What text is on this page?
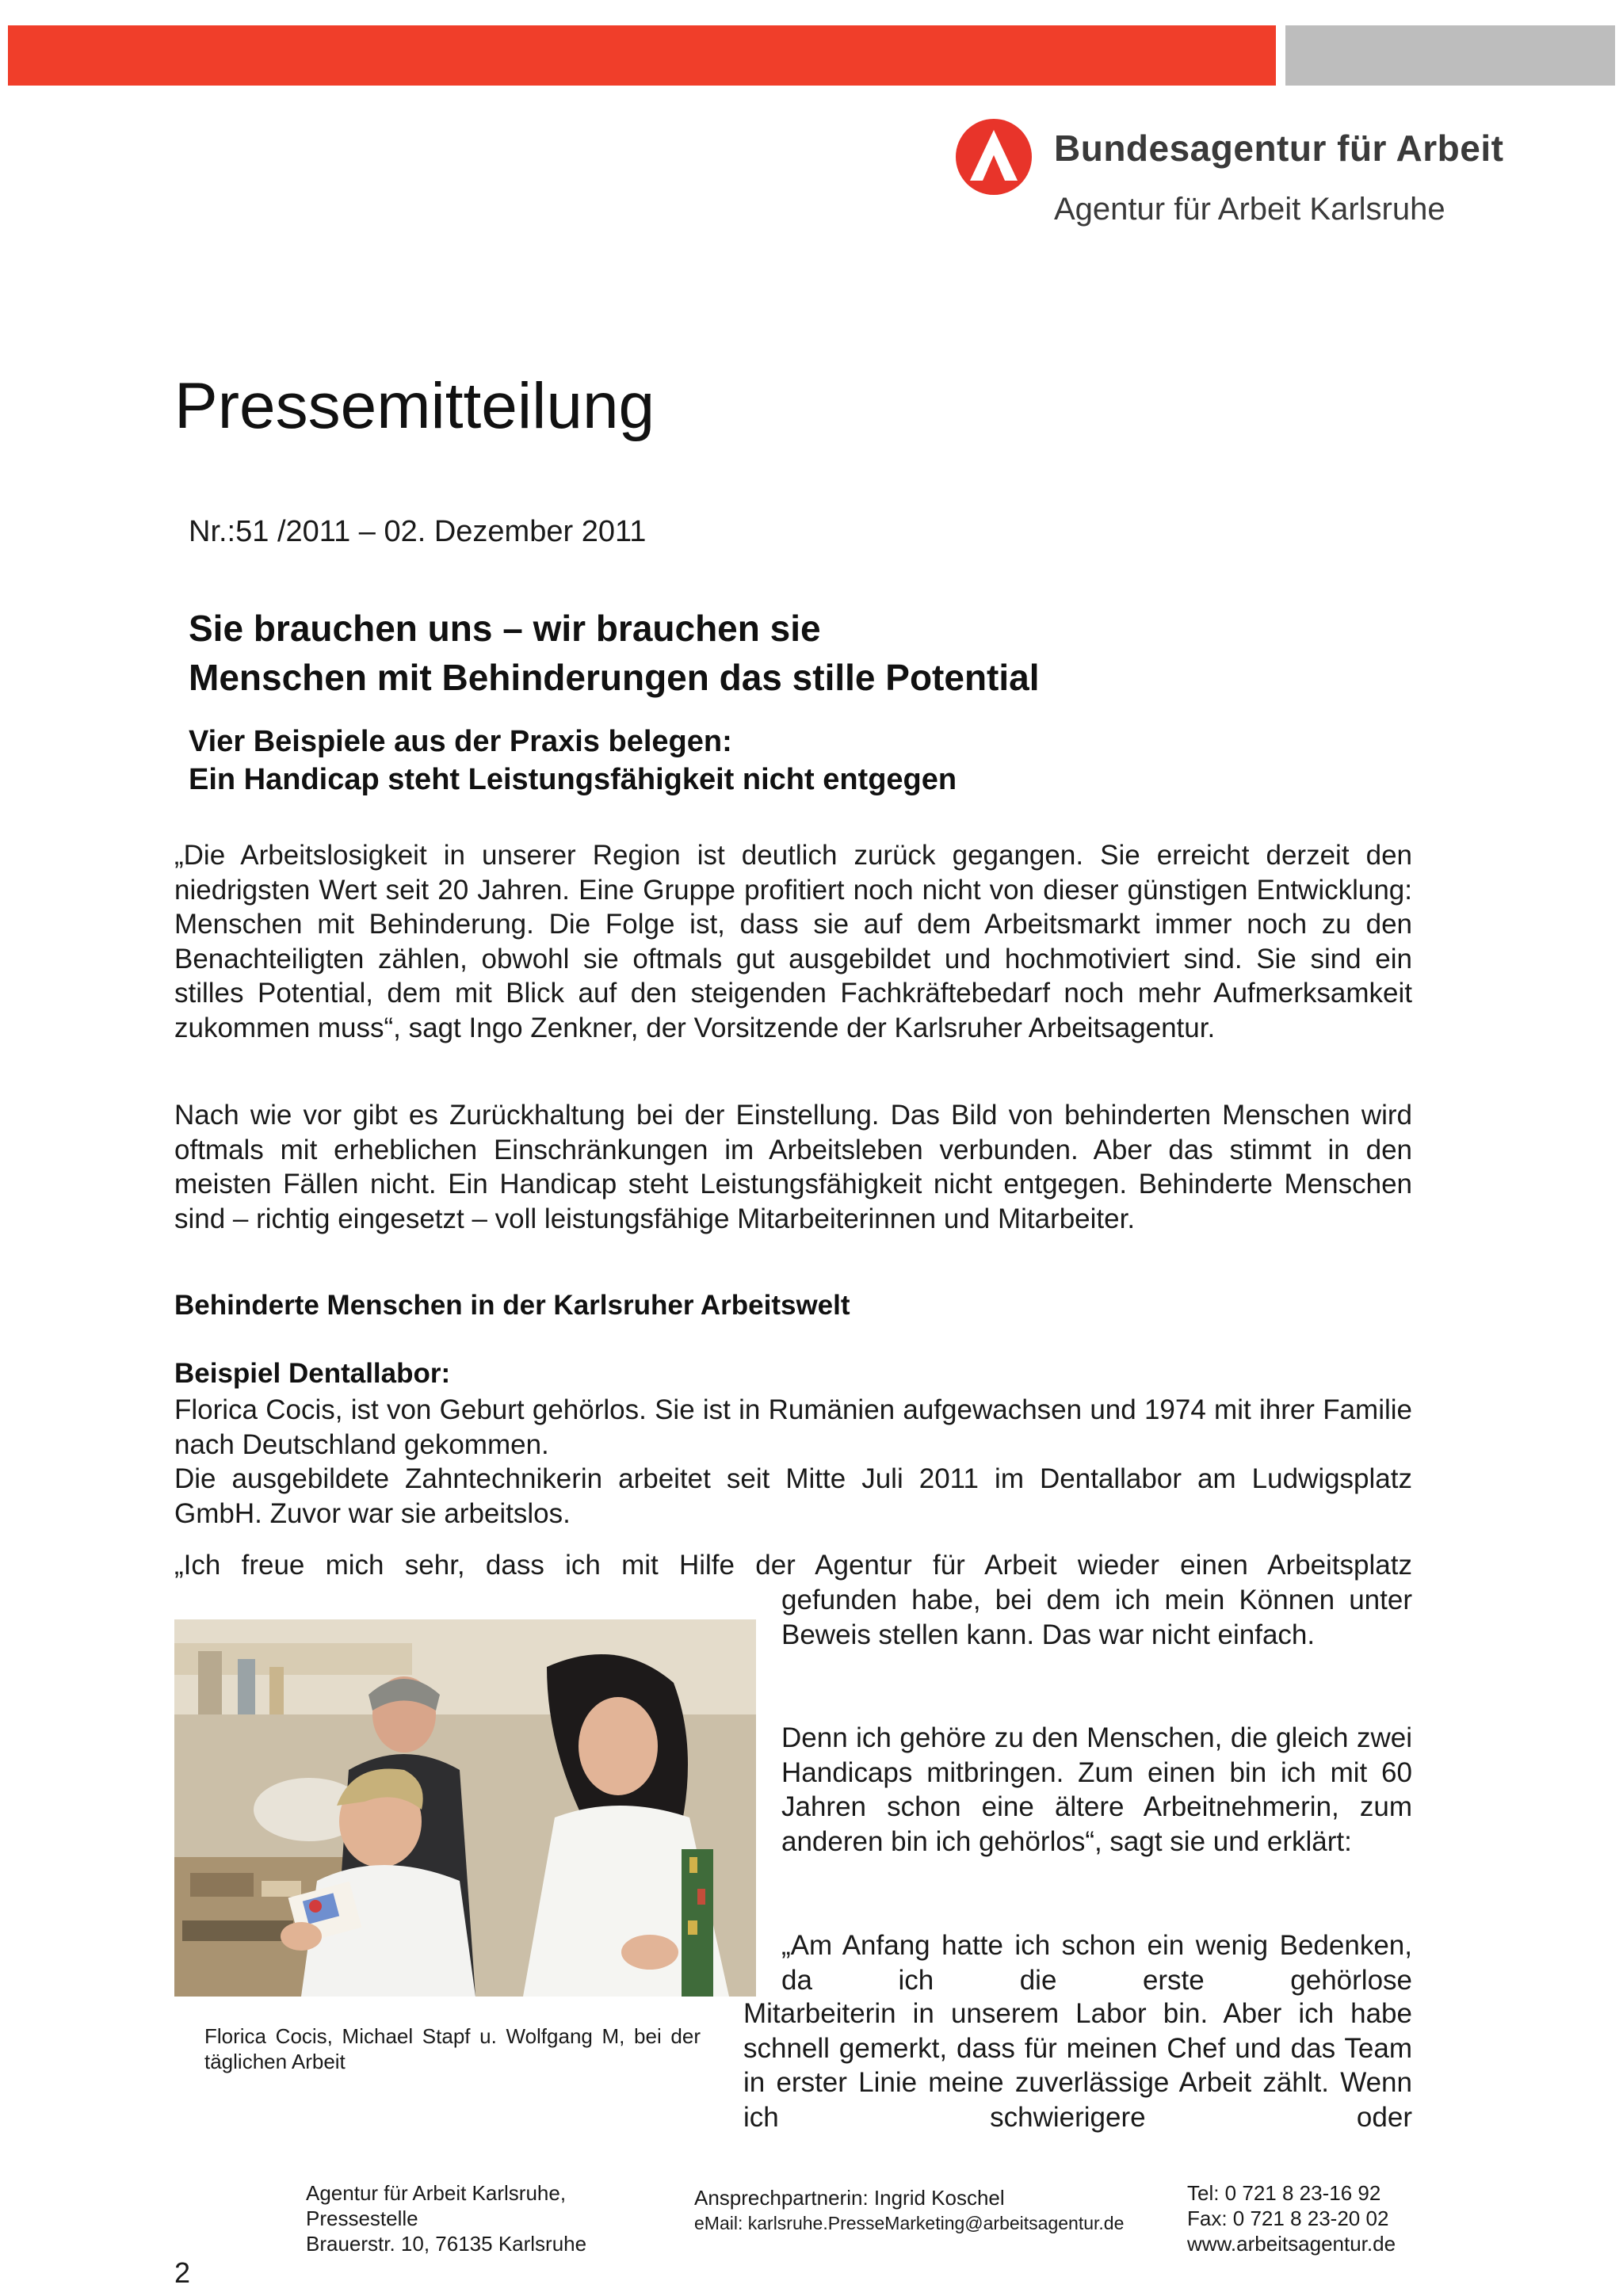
Bundesagentur für Arbeit
Agentur für Arbeit Karlsruhe
Pressemitteilung
Nr.:51 /2011 – 02. Dezember 2011
Sie brauchen uns – wir brauchen sie
Menschen mit Behinderungen das stille Potential
Vier Beispiele aus der Praxis belegen:
Ein Handicap steht Leistungsfähigkeit nicht entgegen

„Die Arbeitslosigkeit in unserer Region ist deutlich zurück gegangen. Sie erreicht derzeit den niedrigsten Wert seit 20 Jahren. Eine Gruppe profitiert noch nicht von dieser günstigen Entwicklung: Menschen mit Behinderung. Die Folge ist, dass sie auf dem Arbeitsmarkt immer noch zu den Benachteiligten zählen, obwohl sie oftmals gut ausgebildet und hochmotiviert sind. Sie sind ein stilles Potential, dem mit Blick auf den steigenden Fachkräftebedarf noch mehr Aufmerksamkeit zukommen muss“, sagt Ingo Zenkner, der Vorsitzende der Karlsruher Arbeitsagentur.

Nach wie vor gibt es Zurückhaltung bei der Einstellung. Das Bild von behinderten Menschen wird oftmals mit erheblichen Einschränkungen im Arbeitsleben verbunden. Aber das stimmt in den meisten Fällen nicht. Ein Handicap steht Leistungsfähigkeit nicht entgegen. Behinderte Menschen sind – richtig eingesetzt – voll leistungsfähige Mitarbeiterinnen und Mitarbeiter.

Behinderte Menschen in der Karlsruher Arbeitswelt
Beispiel Dentallabor:

Florica Cocis, ist von Geburt gehörlos. Sie ist in Rumänien aufgewachsen und 1974 mit ihrer Familie nach Deutschland gekommen.

Die ausgebildete Zahntechnikerin arbeitet seit Mitte Juli 2011 im Dentallabor am Ludwigsplatz GmbH. Zuvor war sie arbeitslos.

„Ich freue mich sehr, dass ich mit Hilfe der Agentur für Arbeit wieder einen Arbeitsplatz

gefunden habe, bei dem ich mein Können unter Beweis stellen kann. Das war nicht einfach.

Denn ich gehöre zu den Menschen, die gleich zwei Handicaps mitbringen. Zum einen bin ich mit 60 Jahren schon eine ältere Arbeitnehmerin, zum anderen bin ich gehörlos“, sagt sie und erklärt:

„Am Anfang hatte ich schon ein wenig Bedenken, da ich die erste gehörlose

Mitarbeiterin in unserem Labor bin. Aber ich habe schnell gemerkt, dass für meinen Chef und das Team in erster Linie meine zuverlässige Arbeit zählt. Wenn ich schwierigere oder

Florica Cocis, Michael Stapf u. Wolfgang M, bei der täglichen Arbeit
Agentur für Arbeit Karlsruhe,
Pressestelle
Brauerstr. 10, 76135 Karlsruhe
Ansprechpartnerin: Ingrid Koschel
eMail: karlsruhe.PresseMarketing@arbeitsagentur.de
Tel: 0 721 8 23-16 92
Fax: 0 721 8 23-20 02
www.arbeitsagentur.de
2
